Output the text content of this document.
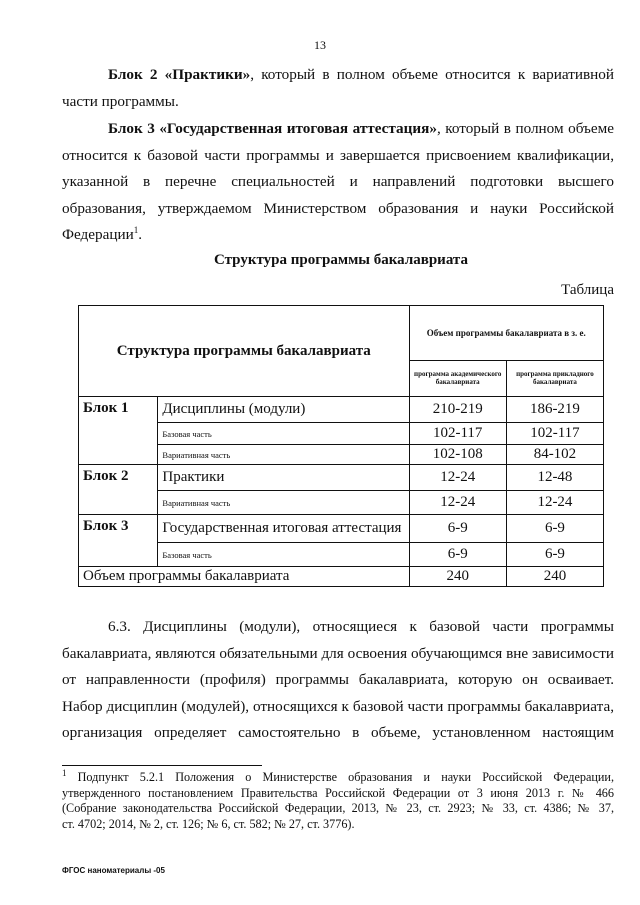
13
Блок 2 «Практики», который в полном объеме относится к вариативной
части программы.
Блок 3 «Государственная итоговая аттестация», который в полном объеме
относится к базовой части программы и завершается присвоением квалификации,
указанной в перечне специальностей и направлений подготовки высшего
образования, утверждаемом Министерством образования и науки Российской
Федерации$^1$.
Структура программы бакалавриата
Таблица
Структура программы бакалавриата		Объем программы бакалавриата в з. е.	
		программа академического бакалавриата	программа прикладного бакалавриата
Блок 1	Дисциплины (модули)	210-219	186-219
	Базовая часть	102-117	102-117
	Вариативная часть	102-108	84-102
Блок 2	Практики	12-24	12-48
	Вариативная часть	12-24	12-24
Блок 3	Государственная итоговая аттестация	6-9	6-9
	Базовая часть	6-9	6-9
Объем программы бакалавриата		240	240
6.3. Дисциплины (модули), относящиеся к базовой части программы
бакалавриата, являются обязательными для освоения обучающимся вне зависимости
от направленности (профиля) программы бакалавриата, которую он осваивает.
Набор дисциплин (модулей), относящихся к базовой части программы бакалавриата,
организация определяет самостоятельно в объеме, установленном настоящим
$^1$ Подпункт 5.2.1 Положения о Министерстве образования и науки Российской Федерации,
утвержденного постановлением Правительства Российской Федерации от 3 июня 2013 г. № 466
(Собрание законодательства Российской Федерации, 2013, № 23, ст. 2923; № 33, ст. 4386; № 37,
ст. 4702; 2014, № 2, ст. 126; № 6, ст. 582; № 27, ст. 3776).
ФГОС наноматериалы -05
